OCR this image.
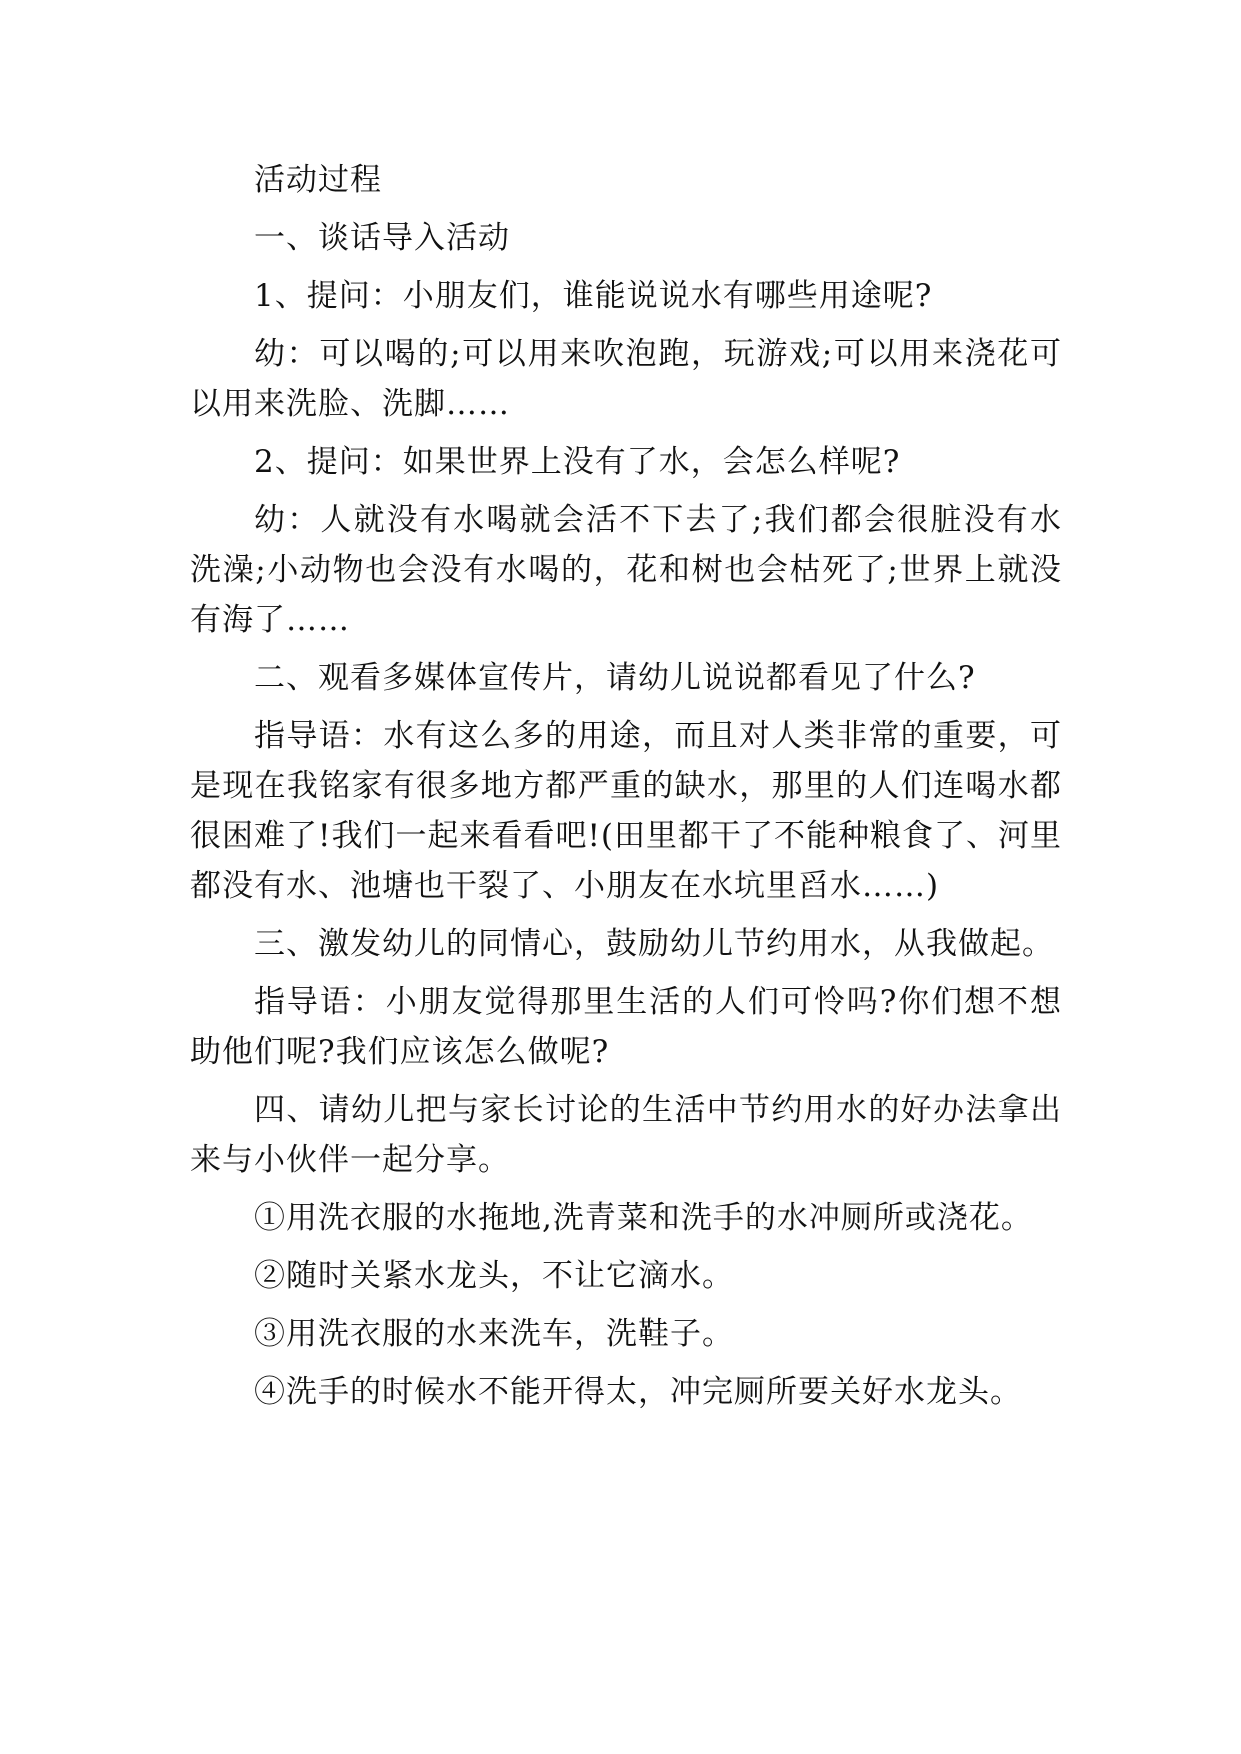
活动过程

一、谈话导入活动

1、提问：小朋友们，谁能说说水有哪些用途呢?

幼：可以喝的;可以用来吹泡跑，玩游戏;可以用来浇花可以用来洗脸、洗脚……

2、提问：如果世界上没有了水，会怎么样呢?

幼：人就没有水喝就会活不下去了;我们都会很脏没有水洗澡;小动物也会没有水喝的，花和树也会枯死了;世界上就没有海了……

二、观看多媒体宣传片，请幼儿说说都看见了什么?

指导语：水有这么多的用途，而且对人类非常的重要，可是现在我铭家有很多地方都严重的缺水，那里的人们连喝水都很困难了!我们一起来看看吧!(田里都干了不能种粮食了、河里都没有水、池塘也干裂了、小朋友在水坑里舀水……)

三、激发幼儿的同情心，鼓励幼儿节约用水，从我做起。

指导语：小朋友觉得那里生活的人们可怜吗?你们想不想助他们呢?我们应该怎么做呢?

四、请幼儿把与家长讨论的生活中节约用水的好办法拿出来与小伙伴一起分享。

①用洗衣服的水拖地,洗青菜和洗手的水冲厕所或浇花。

②随时关紧水龙头，不让它滴水。

③用洗衣服的水来洗车，洗鞋子。

④洗手的时候水不能开得太，冲完厕所要关好水龙头。
